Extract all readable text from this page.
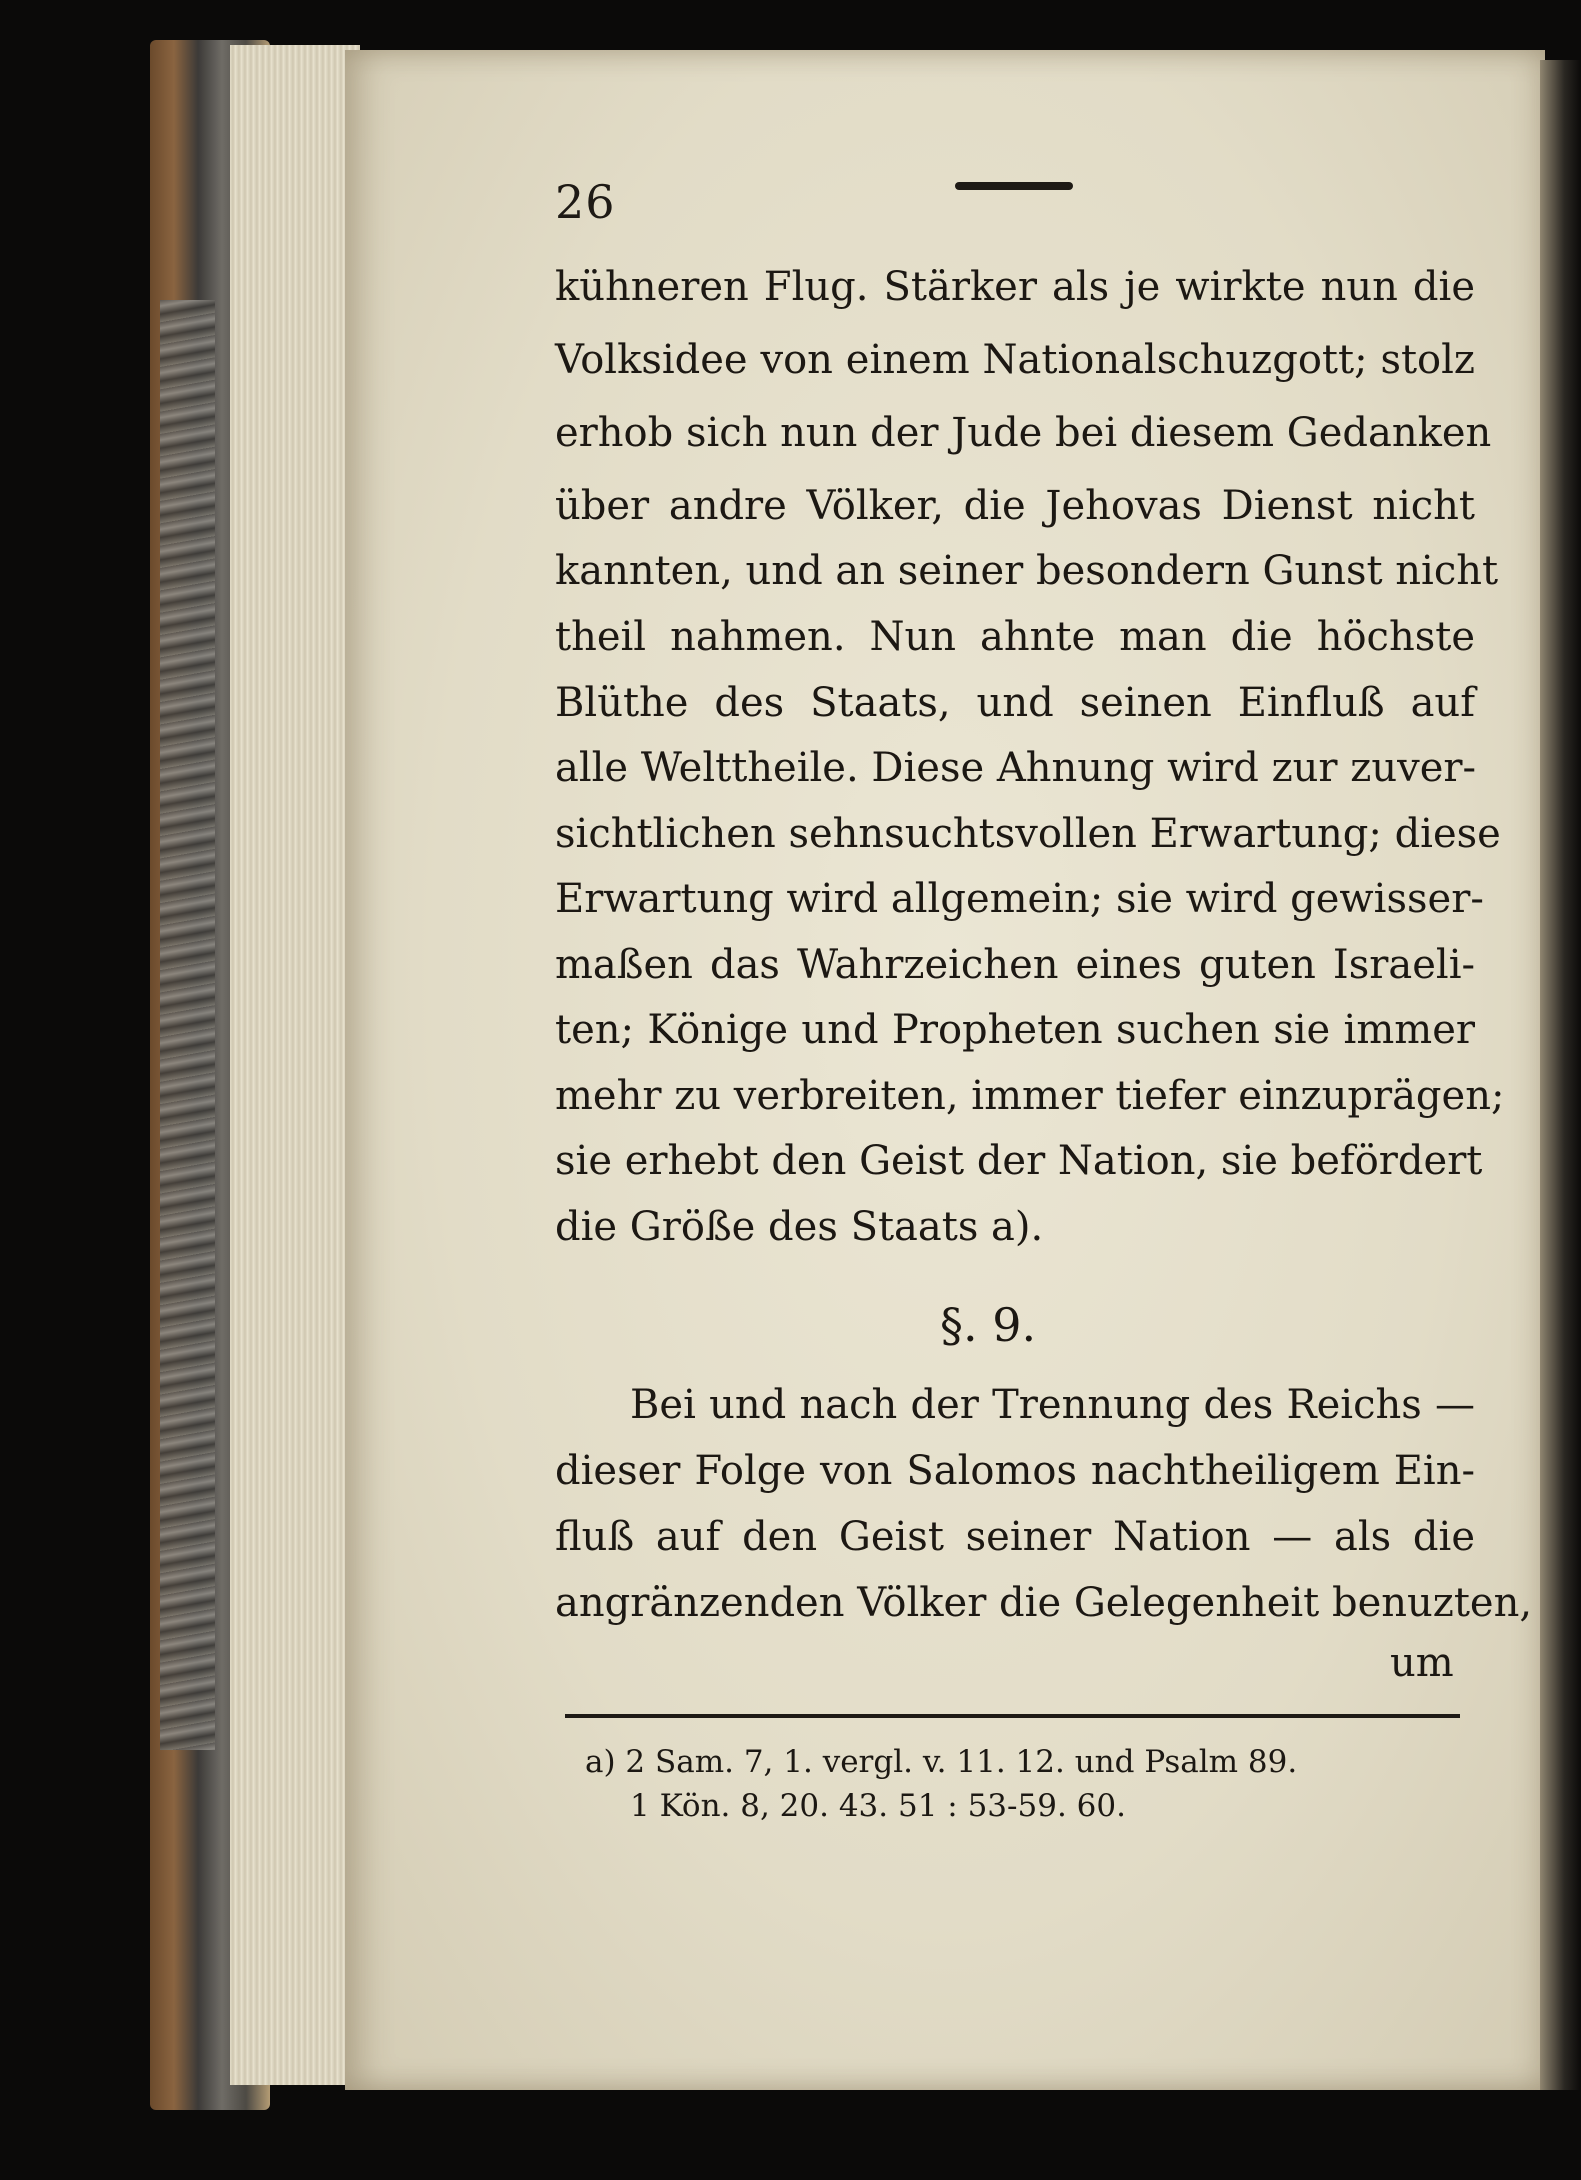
26
kühneren Flug. Stärker als je wirkte nun die
Volksidee von einem Nationalschuzgott; stolz
erhob sich nun der Jude bei diesem Gedanken
über andre Völker, die Jehovas Dienst nicht
kannten, und an seiner besondern Gunst nicht
theil nahmen. Nun ahnte man die höchste
Blüthe des Staats, und seinen Einfluß auf
alle Welttheile. Diese Ahnung wird zur zuver-
sichtlichen sehnsuchtsvollen Erwartung; diese
Erwartung wird allgemein; sie wird gewisser-
maßen das Wahrzeichen eines guten Israeli-
ten; Könige und Propheten suchen sie immer
mehr zu verbreiten, immer tiefer einzuprägen;
sie erhebt den Geist der Nation, sie befördert
die Größe des Staats a).
§. 9.
Bei und nach der Trennung des Reichs —
dieser Folge von Salomos nachtheiligem Ein-
fluß auf den Geist seiner Nation — als die
angränzenden Völker die Gelegenheit benuzten,
um
a) 2 Sam. 7, 1. vergl. v. 11. 12. und Psalm 89.
1 Kön. 8, 20. 43. 51 : 53-59. 60.
